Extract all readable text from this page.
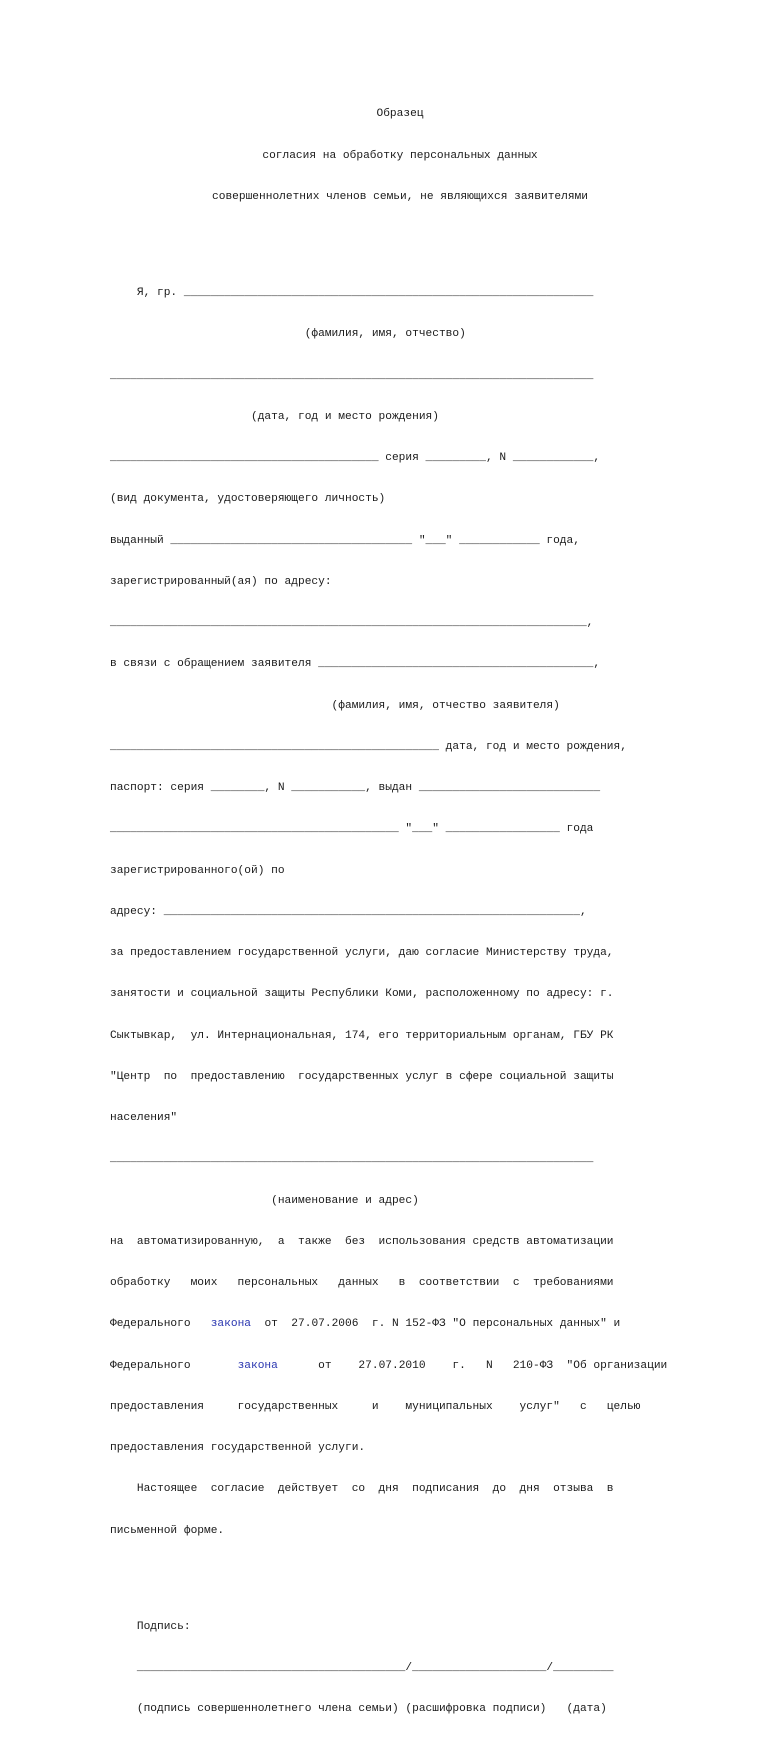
Образец

согласия на обработку персональных данных

совершеннолетних членов семьи, не являющихся заявителями

Я, гр. _____________________________________________________________

(фамилия, имя, отчество)

________________________________________________________________________

(дата, год и место рождения)

________________________________________ серия _________, N ____________,

(вид документа, удостоверяющего личность)

выданный ____________________________________ "___" ____________ года,

зарегистрированный(ая) по адресу:

_______________________________________________________________________,

в связи с обращением заявителя _________________________________________,

(фамилия, имя, отчество заявителя)

_________________________________________________ дата, год и место рождения,

паспорт: серия ________, N ___________, выдан ___________________________

___________________________________________ "___" _________________ года

зарегистрированного(ой) по

адресу: ______________________________________________________________,

за предоставлением государственной услуги, даю согласие Министерству труда,

занятости и социальной защиты Республики Коми, расположенному по адресу: г.

Сыктывкар,  ул. Интернациональная, 174, его территориальным органам, ГБУ РК

"Центр  по  предоставлению  государственных услуг в сфере социальной защиты

населения"

________________________________________________________________________

(наименование и адрес)

на  автоматизированную,  а  также  без  использования средств автоматизации

обработку   моих   персональных   данных   в  соответствии  с  требованиями

Федерального   закона  от  27.07.2006  г. N 152-ФЗ "О персональных данных" и

Федерального       закона      от    27.07.2010    г.   N   210-ФЗ  "Об организации

предоставления     государственных     и    муниципальных    услуг"   с   целью

предоставления государственной услуги.

Настоящее  согласие  действует  со  дня  подписания  до  дня  отзыва  в

письменной форме.

Подпись:

________________________________________/____________________/_________

(подпись совершеннолетнего члена семьи) (расшифровка подписи)   (дата)
